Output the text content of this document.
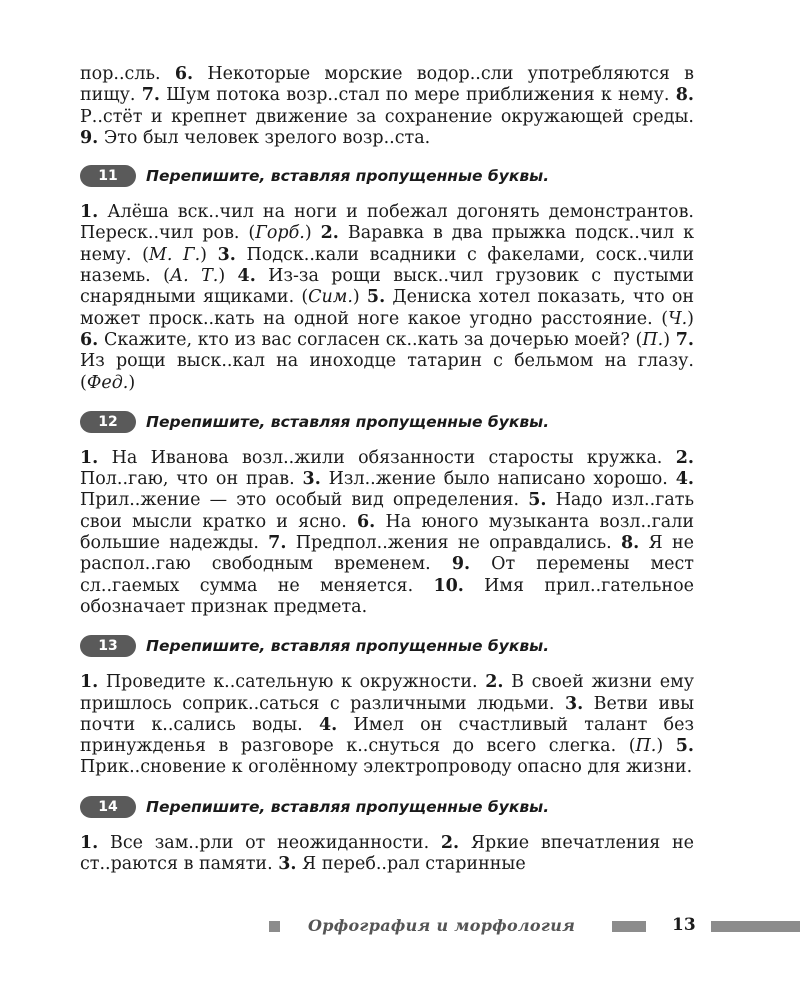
пор..сль. 6. Некоторые морские водор..сли употребляются в пищу. 7. Шум потока возр..стал по мере приближения к нему. 8. Р..стёт и крепнет движение за сохранение окружающей среды. 9. Это был человек зрелого возр..ста.

11	Перепишите, вставляя пропущенные буквы.

1. Алёша вск..чил на ноги и побежал догонять демонстрантов. Переск..чил ров. (Горб.) 2. Варавка в два прыжка подск..чил к нему. (М. Г.) 3. Подск..кали всадники с факелами, соск..чили наземь. (А. Т.) 4. Из-за рощи выск..чил грузовик с пустыми снарядными ящиками. (Сим.) 5. Дениска хотел показать, что он может проск..кать на одной ноге какое угодно расстояние. (Ч.) 6. Скажите, кто из вас согласен ск..кать за дочерью моей? (П.) 7. Из рощи выск..кал на иноходце татарин с бельмом на глазу. (Фед.)

12	Перепишите, вставляя пропущенные буквы.

1. На Иванова возл..жили обязанности старосты кружка. 2. Пол..гаю, что он прав. 3. Изл..жение было написано хорошо. 4. Прил..жение — это особый вид определения. 5. Надо изл..гать свои мысли кратко и ясно. 6. На юного музыканта возл..гали большие надежды. 7. Предпол..жения не оправдались. 8. Я не распол..гаю свободным временем. 9. От перемены мест сл..гаемых сумма не меняется. 10. Имя прил..гательное обозначает признак предмета.

13	Перепишите, вставляя пропущенные буквы.

1. Проведите к..сательную к окружности. 2. В своей жизни ему пришлось соприк..саться с различными людьми. 3. Ветви ивы почти к..сались воды. 4. Имел он счастливый талант без принужденья в разговоре к..снуться до всего слегка. (П.) 5. Прик..сновение к оголённому электропроводу опасно для жизни.

14	Перепишите, вставляя пропущенные буквы.

1. Все зам..рли от неожиданности. 2. Яркие впечатления не ст..раются в памяти. 3. Я переб..рал старинные

Орфография и морфология	13
